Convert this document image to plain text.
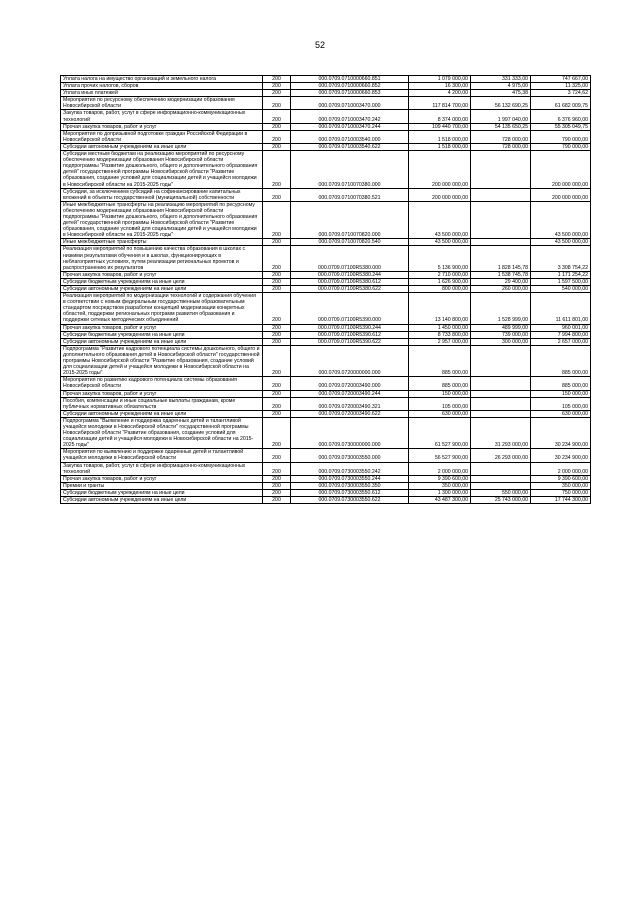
52
Уплата налога на имущество организаций и земельного налога	200	000.0709.0710000660.851	1 079 000,00	331 333,00	747 667,00
Уплата прочих налогов, сборов	200	000.0709.0710000660.852	16 300,00	4 975,00	11 325,00
Уплата иных платежей	200	000.0709.0710000660.853	4 200,00	475,38	3 724,62
Мероприятия по ресурсному обеспечению модернизации образования Новосибирской области	200	000.0709.0710003470.000	117 814 700,00	56 132 690,25	61 682 009,75
Закупка товаров, работ, услуг в сфере информационно-коммуникационных технологий	200	000.0709.0710003470.242	8 374 000,00	1 997 040,00	6 376 960,00
Прочая закупка товаров, работ и услуг	200	000.0709.0710003470.244	109 440 700,00	54 135 650,25	55 305 049,75
Мероприятия по допризывной подготовке граждан Российской Федерации в Новосибирской области	200	000.0709.0710003540.000	1 518 000,00	728 000,00	790 000,00
Субсидии автономным учреждениям на иные цели	200	000.0709.0710003540.622	1 518 000,00	728 000,00	790 000,00
Субсидии местным бюджетам на реализацию мероприятий по ресурсному обеспечению модернизации образования Новосибирской области подпрограммы "Развитие дошкольного, общего и дополнительного образования детей" государственной программы Новосибирской области "Развитие образования, создание условий для социализации детей и учащейся молодежи в Новосибирской области на 2015-2025 годы"	200	000.0709.0710070380.000	200 000 000,00		200 000 000,00
Субсидии, за исключением субсидий на софинансирование капитальных вложений в объекты государственной (муниципальной) собственности	200	000.0709.0710070380.521	200 000 000,00		200 000 000,00
Иные межбюджетные трансферты на реализацию мероприятий по ресурсному обеспечению модернизации образования Новосибирской области подпрограммы "Развитие дошкольного, общего и дополнительного образования детей" государственной программы Новосибирской области "Развитие образования, создание условий для социализации детей и учащейся молодежи в Новосибирской области на 2015-2025 годы"	200	000.0709.0710070820.000	43 500 000,00		43 500 000,00
Иные межбюджетные трансферты	200	000.0709.0710070820.540	43 500 000,00		43 500 000,00
Реализация мероприятий по повышению качества образования в школах с низкими результатами обучения и в школах, функционирующих в неблагоприятных условиях, путем реализации региональных проектов и распространению их результатов	200	000.0709.07100R5380.000	5 136 900,00	1 828 145,78	3 308 754,22
Прочая закупка товаров, работ и услуг	200	000.0709.07100R5380.244	2 710 000,00	1 538 745,78	1 171 254,22
Субсидии бюджетным учреждениям на иные цели	200	000.0709.07100R5380.612	1 626 900,00	29 400,00	1 597 500,00
Субсидии автономным учреждениям на иные цели	200	000.0709.07100R5380.622	800 000,00	260 000,00	540 000,00
Реализация мероприятий по модернизации технологий и содержания обучения в соответствии с новым федеральным государственным образовательным стандартом посредством разработки концепций модернизации конкретных областей, поддержки региональных программ развития образования и поддержки сетевых методических объединений	200	000.0709.07100R5390.000	13 140 800,00	1 528 999,00	11 611 801,00
Прочая закупка товаров, работ и услуг	200	000.0709.07100R5390.244	1 450 000,00	489 999,00	960 001,00
Субсидии бюджетным учреждениям на иные цели	200	000.0709.07100R5390.612	8 733 800,00	739 000,00	7 994 800,00
Субсидии автономным учреждениям на иные цели	200	000.0709.07100R5390.622	2 957 000,00	300 000,00	2 657 000,00
Подпрограмма "Развитие кадрового потенциала системы дошкольного, общего и дополнительного образования детей в Новосибирской области" государственной программы Новосибирской области "Развитие образования, создание условий для социализации детей и учащейся молодежи в Новосибирской области на 2015-2025 годы"	200	000.0709.0720000000.000	885 000,00		885 000,00
Мероприятия по развитию кадрового потенциала системы образования Новосибирской области	200	000.0709.0720003490.000	885 000,00		885 000,00
Прочая закупка товаров, работ и услуг	200	000.0709.0720003490.244	150 000,00		150 000,00
Пособия, компенсации и иные социальные выплаты гражданам, кроме публичных нормативных обязательств	200	000.0709.0720003490.321	105 000,00		105 000,00
Субсидии автономным учреждениям на иные цели	200	000.0709.0720003490.622	630 000,00		630 000,00
Подпрограмма "Выявление и поддержка одаренных детей и талантливой учащейся молодежи в Новосибирской области" государственной программы Новосибирской области "Развитие образования, создание условий для социализации детей и учащейся молодежи в Новосибирской области на 2015-2025 годы"	200	000.0709.0730000000.000	61 527 900,00	31 293 000,00	30 234 900,00
Мероприятия по выявлению и поддержке одаренных детей и талантливой учащейся молодежи в Новосибирской области	200	000.0709.0730003550.000	56 527 900,00	26 293 000,00	30 234 900,00
Закупка товаров, работ, услуг в сфере информационно-коммуникационных технологий	200	000.0709.0730003550.242	2 000 000,00		2 000 000,00
Прочая закупка товаров, работ и услуг	200	000.0709.0730003550.244	9 390 600,00		9 390 600,00
Премии и гранты	200	000.0709.0730003550.350	350 000,00		350 000,00
Субсидии бюджетным учреждениям на иные цели	200	000.0709.0730003550.612	1 300 000,00	550 000,00	750 000,00
Субсидии автономным учреждениям на иные цели	200	000.0709.0730003550.622	43 487 300,00	25 743 000,00	17 744 300,00
